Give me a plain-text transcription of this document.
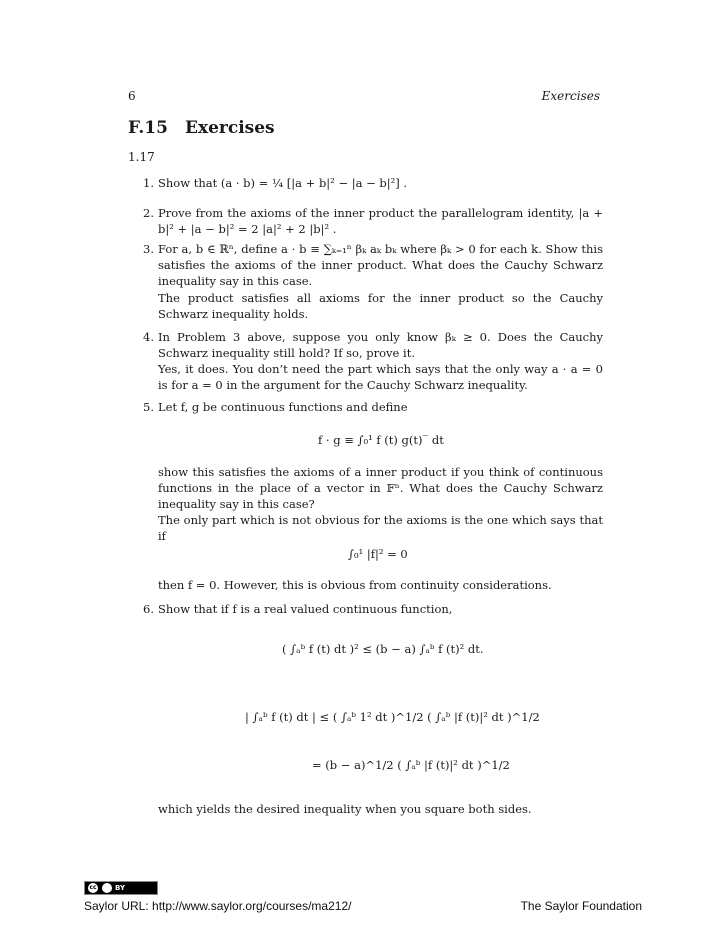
6	Exercises
F.15 Exercises
1.17
1. Show that (a · b) = ¼ [|a + b|² − |a − b|²] .
2. Prove from the axioms of the inner product the parallelogram identity, |a + b|² + |a − b|² = 2 |a|² + 2 |b|² .
3. For a, b ∈ ℝⁿ, define a · b ≡ ∑ₖ₌₁ⁿ βₖ aₖ bₖ where βₖ > 0 for each k. Show this satisfies the axioms of the inner product. What does the Cauchy Schwarz inequality say in this case.
The product satisfies all axioms for the inner product so the Cauchy Schwarz inequality holds.
4. In Problem 3 above, suppose you only know βₖ ≥ 0. Does the Cauchy Schwarz inequality still hold? If so, prove it.
Yes, it does. You don’t need the part which says that the only way a · a = 0 is for a = 0 in the argument for the Cauchy Schwarz inequality.
5. Let f, g be continuous functions and define
f · g ≡ ∫₀¹ f (t) g(t)‾ dt
show this satisfies the axioms of a inner product if you think of continuous functions in the place of a vector in 𝔽ⁿ. What does the Cauchy Schwarz inequality say in this case?
The only part which is not obvious for the axioms is the one which says that if
∫₀¹ |f|² = 0
then f = 0. However, this is obvious from continuity considerations.
6. Show that if f is a real valued continuous function,
( ∫ₐᵇ f (t) dt )² ≤ (b − a) ∫ₐᵇ f (t)² dt.
| ∫ₐᵇ f (t) dt | ≤ ( ∫ₐᵇ 1² dt )^1/2 ( ∫ₐᵇ |f (t)|² dt )^1/2
= (b − a)^1/2 ( ∫ₐᵇ |f (t)|² dt )^1/2
which yields the desired inequality when you square both sides.
cc	BY
Saylor URL: http://www.saylor.org/courses/ma212/	The Saylor Foundation
